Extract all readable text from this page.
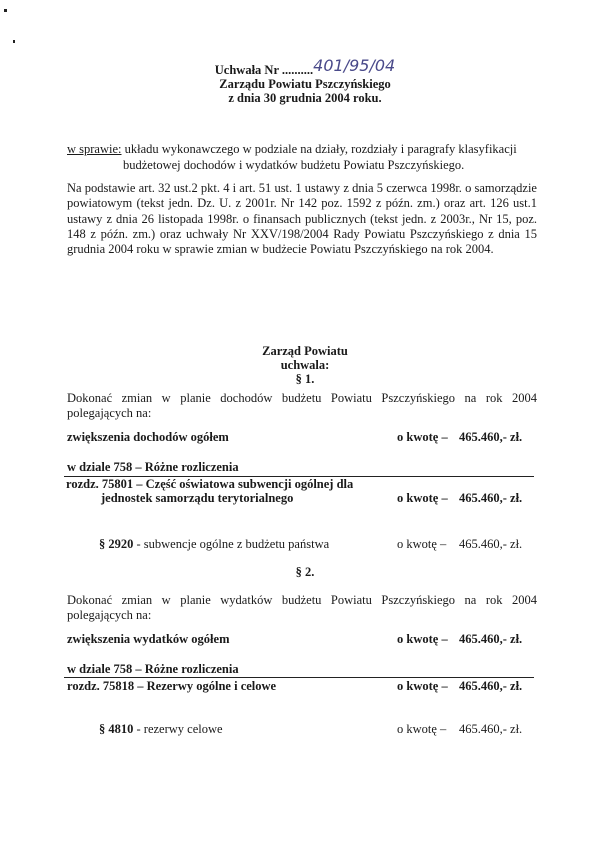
Uchwała Nr ..........401/95/04
Zarządu Powiatu Pszczyńskiego
z dnia 30 grudnia 2004 roku.
w sprawie: układu wykonawczego w podziale na działy, rozdziały i paragrafy klasyfikacji
budżetowej dochodów i wydatków budżetu Powiatu Pszczyńskiego.
Na podstawie art. 32 ust.2 pkt. 4 i art. 51 ust. 1 ustawy z dnia 5 czerwca 1998r. o samorządzie powiatowym (tekst jedn. Dz. U. z 2001r. Nr 142 poz. 1592 z późn. zm.) oraz art. 126 ust.1 ustawy z dnia 26 listopada 1998r. o finansach publicznych (tekst jedn. z 2003r., Nr 15, poz. 148 z późn. zm.) oraz uchwały Nr XXV/198/2004 Rady Powiatu Pszczyńskiego z dnia 15 grudnia 2004 roku w sprawie zmian w budżecie Powiatu Pszczyńskiego na rok 2004.
Zarząd Powiatu
uchwala:
§ 1.
Dokonać zmian w planie dochodów budżetu Powiatu Pszczyńskiego na rok 2004 polegających na:
zwiększenia dochodów ogółem	o kwotę – 465.460,- zł.
w dziale 758 – Różne rozliczenia
rozdz. 75801 – Część oświatowa subwencji ogólnej dla
jednostek samorządu terytorialnego	o kwotę – 465.460,- zł.
§ 2920 - subwencje ogólne z budżetu państwa	o kwotę – 465.460,- zł.
§ 2.
Dokonać zmian w planie wydatków budżetu Powiatu Pszczyńskiego na rok 2004 polegających na:
zwiększenia wydatków ogółem	o kwotę – 465.460,- zł.
w dziale 758 – Różne rozliczenia
rozdz. 75818 – Rezerwy ogólne i celowe	o kwotę – 465.460,- zł.
§ 4810 - rezerwy celowe	o kwotę – 465.460,- zł.
